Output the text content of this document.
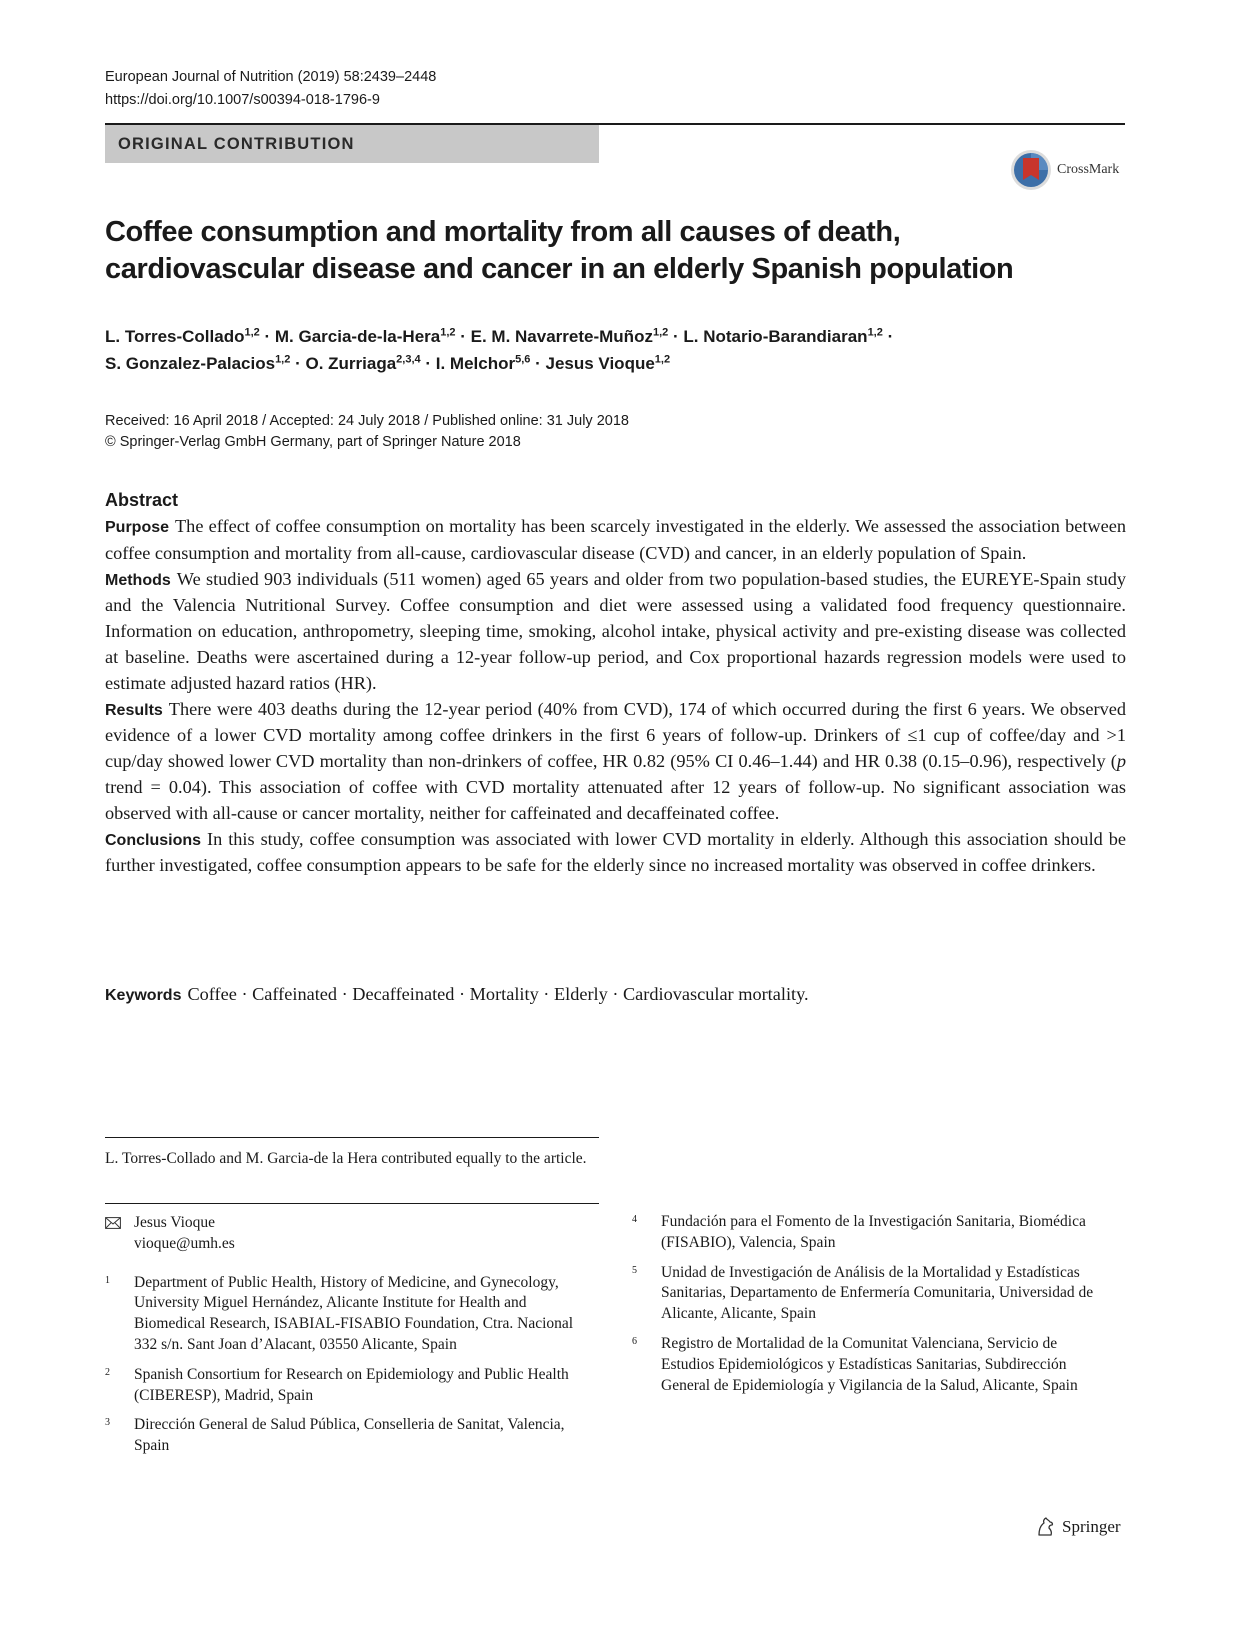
European Journal of Nutrition (2019) 58:2439–2448
https://doi.org/10.1007/s00394-018-1796-9
ORIGINAL CONTRIBUTION
CrossMark
Coffee consumption and mortality from all causes of death,
cardiovascular disease and cancer in an elderly Spanish population
L. Torres-Collado$^{1,2}$ · M. Garcia-de-la-Hera$^{1,2}$ · E. M. Navarrete-Muñoz$^{1,2}$ · L. Notario-Barandiaran$^{1,2}$ ·
S. Gonzalez-Palacios$^{1,2}$ · O. Zurriaga$^{2,3,4}$ · I. Melchor$^{5,6}$ · Jesus Vioque$^{1,2}$
Received: 16 April 2018 / Accepted: 24 July 2018 / Published online: 31 July 2018
© Springer-Verlag GmbH Germany, part of Springer Nature 2018
Abstract

Purpose The effect of coffee consumption on mortality has been scarcely investigated in the elderly. We assessed the association between coffee consumption and mortality from all-cause, cardiovascular disease (CVD) and cancer, in an elderly population of Spain.

Methods We studied 903 individuals (511 women) aged 65 years and older from two population-based studies, the EUREYE-Spain study and the Valencia Nutritional Survey. Coffee consumption and diet were assessed using a validated food frequency questionnaire. Information on education, anthropometry, sleeping time, smoking, alcohol intake, physical activity and pre-existing disease was collected at baseline. Deaths were ascertained during a 12-year follow-up period, and Cox proportional hazards regression models were used to estimate adjusted hazard ratios (HR).

Results There were 403 deaths during the 12-year period (40% from CVD), 174 of which occurred during the first 6 years. We observed evidence of a lower CVD mortality among coffee drinkers in the first 6 years of follow-up. Drinkers of ≤1 cup of coffee/day and >1 cup/day showed lower CVD mortality than non-drinkers of coffee, HR 0.82 (95% CI 0.46–1.44) and HR 0.38 (0.15–0.96), respectively (p trend = 0.04). This association of coffee with CVD mortality attenuated after 12 years of follow-up. No significant association was observed with all-cause or cancer mortality, neither for caffeinated and decaffeinated coffee.

Conclusions In this study, coffee consumption was associated with lower CVD mortality in elderly. Although this association should be further investigated, coffee consumption appears to be safe for the elderly since no increased mortality was observed in coffee drinkers.

Keywords Coffee · Caffeinated · Decaffeinated · Mortality · Elderly · Cardiovascular mortality.
L. Torres-Collado and M. Garcia-de la Hera contributed equally to the article.
Jesus Vioque
vioque@umh.es
1	Department of Public Health, History of Medicine, and Gynecology, University Miguel Hernández, Alicante Institute for Health and Biomedical Research, ISABIAL-FISABIO Foundation, Ctra. Nacional 332 s/n. Sant Joan d’Alacant, 03550 Alicante, Spain
2	Spanish Consortium for Research on Epidemiology and Public Health (CIBERESP), Madrid, Spain
3	Dirección General de Salud Pública, Conselleria de Sanitat, Valencia, Spain
4	Fundación para el Fomento de la Investigación Sanitaria, Biomédica (FISABIO), Valencia, Spain
5	Unidad de Investigación de Análisis de la Mortalidad y Estadísticas Sanitarias, Departamento de Enfermería Comunitaria, Universidad de Alicante, Alicante, Spain
6	Registro de Mortalidad de la Comunitat Valenciana, Servicio de Estudios Epidemiológicos y Estadísticas Sanitarias, Subdirección General de Epidemiología y Vigilancia de la Salud, Alicante, Spain
Springer
